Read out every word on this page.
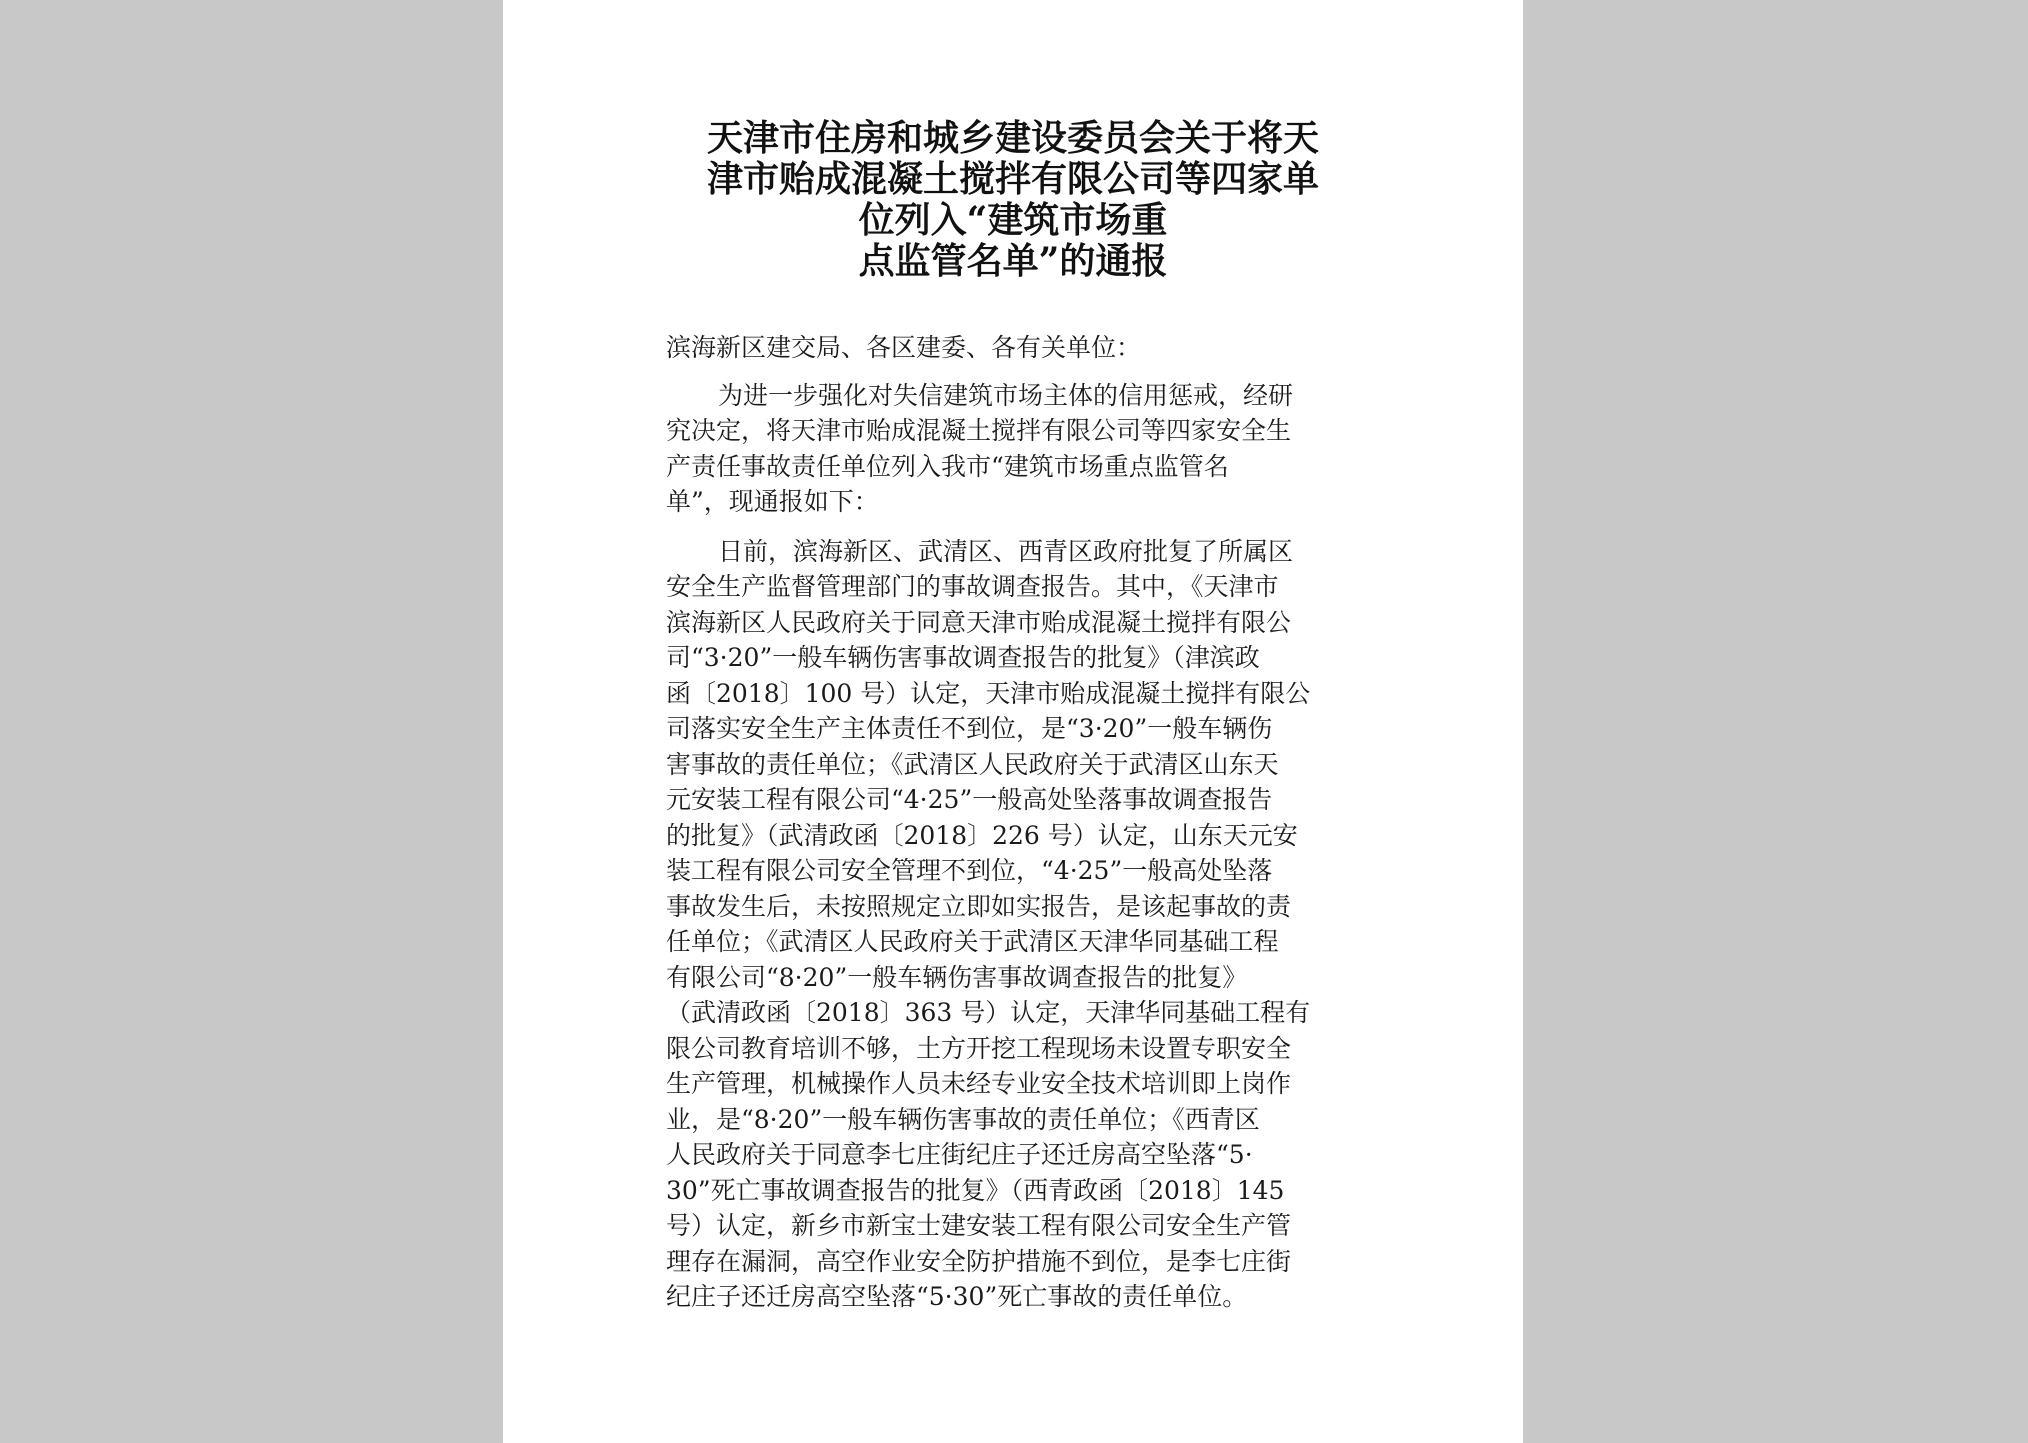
天津市住房和城乡建设委员会关于将天
津市贻成混凝土搅拌有限公司等四家单
位列入“建筑市场重
点监管名单”的通报

滨海新区建交局、各区建委、各有关单位：

为进一步强化对失信建筑市场主体的信用惩戒，经研
究决定，将天津市贻成混凝土搅拌有限公司等四家安全生
产责任事故责任单位列入我市“建筑市场重点监管名
单”，现通报如下：

日前，滨海新区、武清区、西青区政府批复了所属区
安全生产监督管理部门的事故调查报告。其中，《天津市
滨海新区人民政府关于同意天津市贻成混凝土搅拌有限公
司“3·20”一般车辆伤害事故调查报告的批复》（津滨政
函〔2018〕100 号）认定，天津市贻成混凝土搅拌有限公
司落实安全生产主体责任不到位，是“3·20”一般车辆伤
害事故的责任单位；《武清区人民政府关于武清区山东天
元安装工程有限公司“4·25”一般高处坠落事故调查报告
的批复》（武清政函〔2018〕226 号）认定，山东天元安
装工程有限公司安全管理不到位，“4·25”一般高处坠落
事故发生后，未按照规定立即如实报告，是该起事故的责
任单位；《武清区人民政府关于武清区天津华同基础工程
有限公司“8·20”一般车辆伤害事故调查报告的批复》
（武清政函〔2018〕363 号）认定，天津华同基础工程有
限公司教育培训不够，土方开挖工程现场未设置专职安全
生产管理，机械操作人员未经专业安全技术培训即上岗作
业，是“8·20”一般车辆伤害事故的责任单位；《西青区
人民政府关于同意李七庄街纪庄子还迁房高空坠落“5·
30”死亡事故调查报告的批复》（西青政函〔2018〕145
号）认定，新乡市新宝士建安装工程有限公司安全生产管
理存在漏洞，高空作业安全防护措施不到位，是李七庄街
纪庄子还迁房高空坠落“5·30”死亡事故的责任单位。
